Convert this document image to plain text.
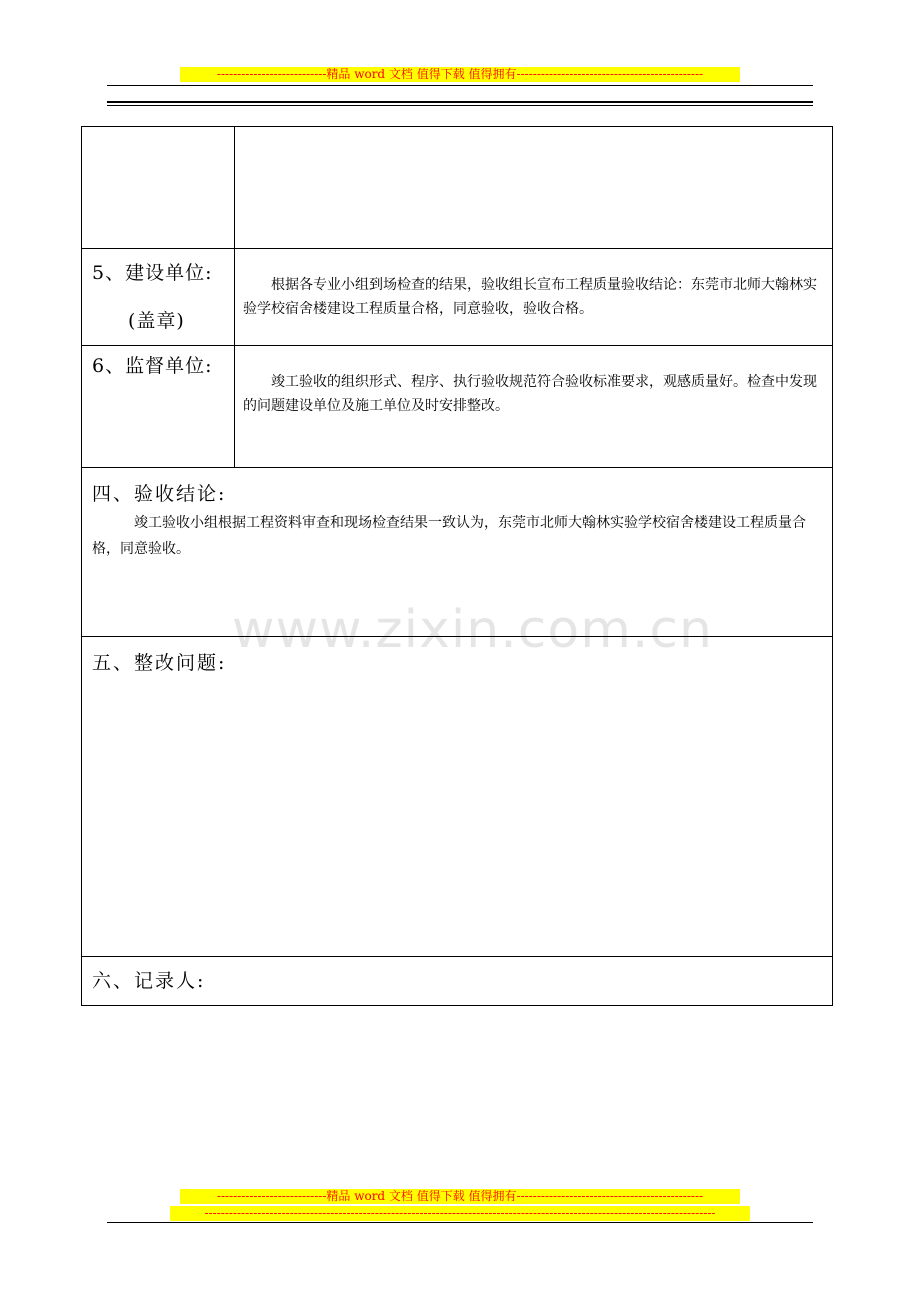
---------------------------精品 word 文档 值得下载 值得拥有----------------------------------------------

5、建设单位:
(盖章)	根据各专业小组到场检查的结果，验收组长宣布工程质量验收结论：东莞市北师大翰林实验学校宿舍楼建设工程质量合格，同意验收，验收合格。

6、监督单位:	竣工验收的组织形式、程序、执行验收规范符合验收标准要求，观感质量好。检查中发现的问题建设单位及施工单位及时安排整改。

四、验收结论:
竣工验收小组根据工程资料审查和现场检查结果一致认为，东莞市北师大翰林实验学校宿舍楼建设工程质量合格，同意验收。	

五、整改问题:	

六、记录人:	
www.zixin.com.cn
---------------------------精品 word 文档 值得下载 值得拥有----------------------------------------------
------------------------------------------------------------------------------------------------------------------------------
